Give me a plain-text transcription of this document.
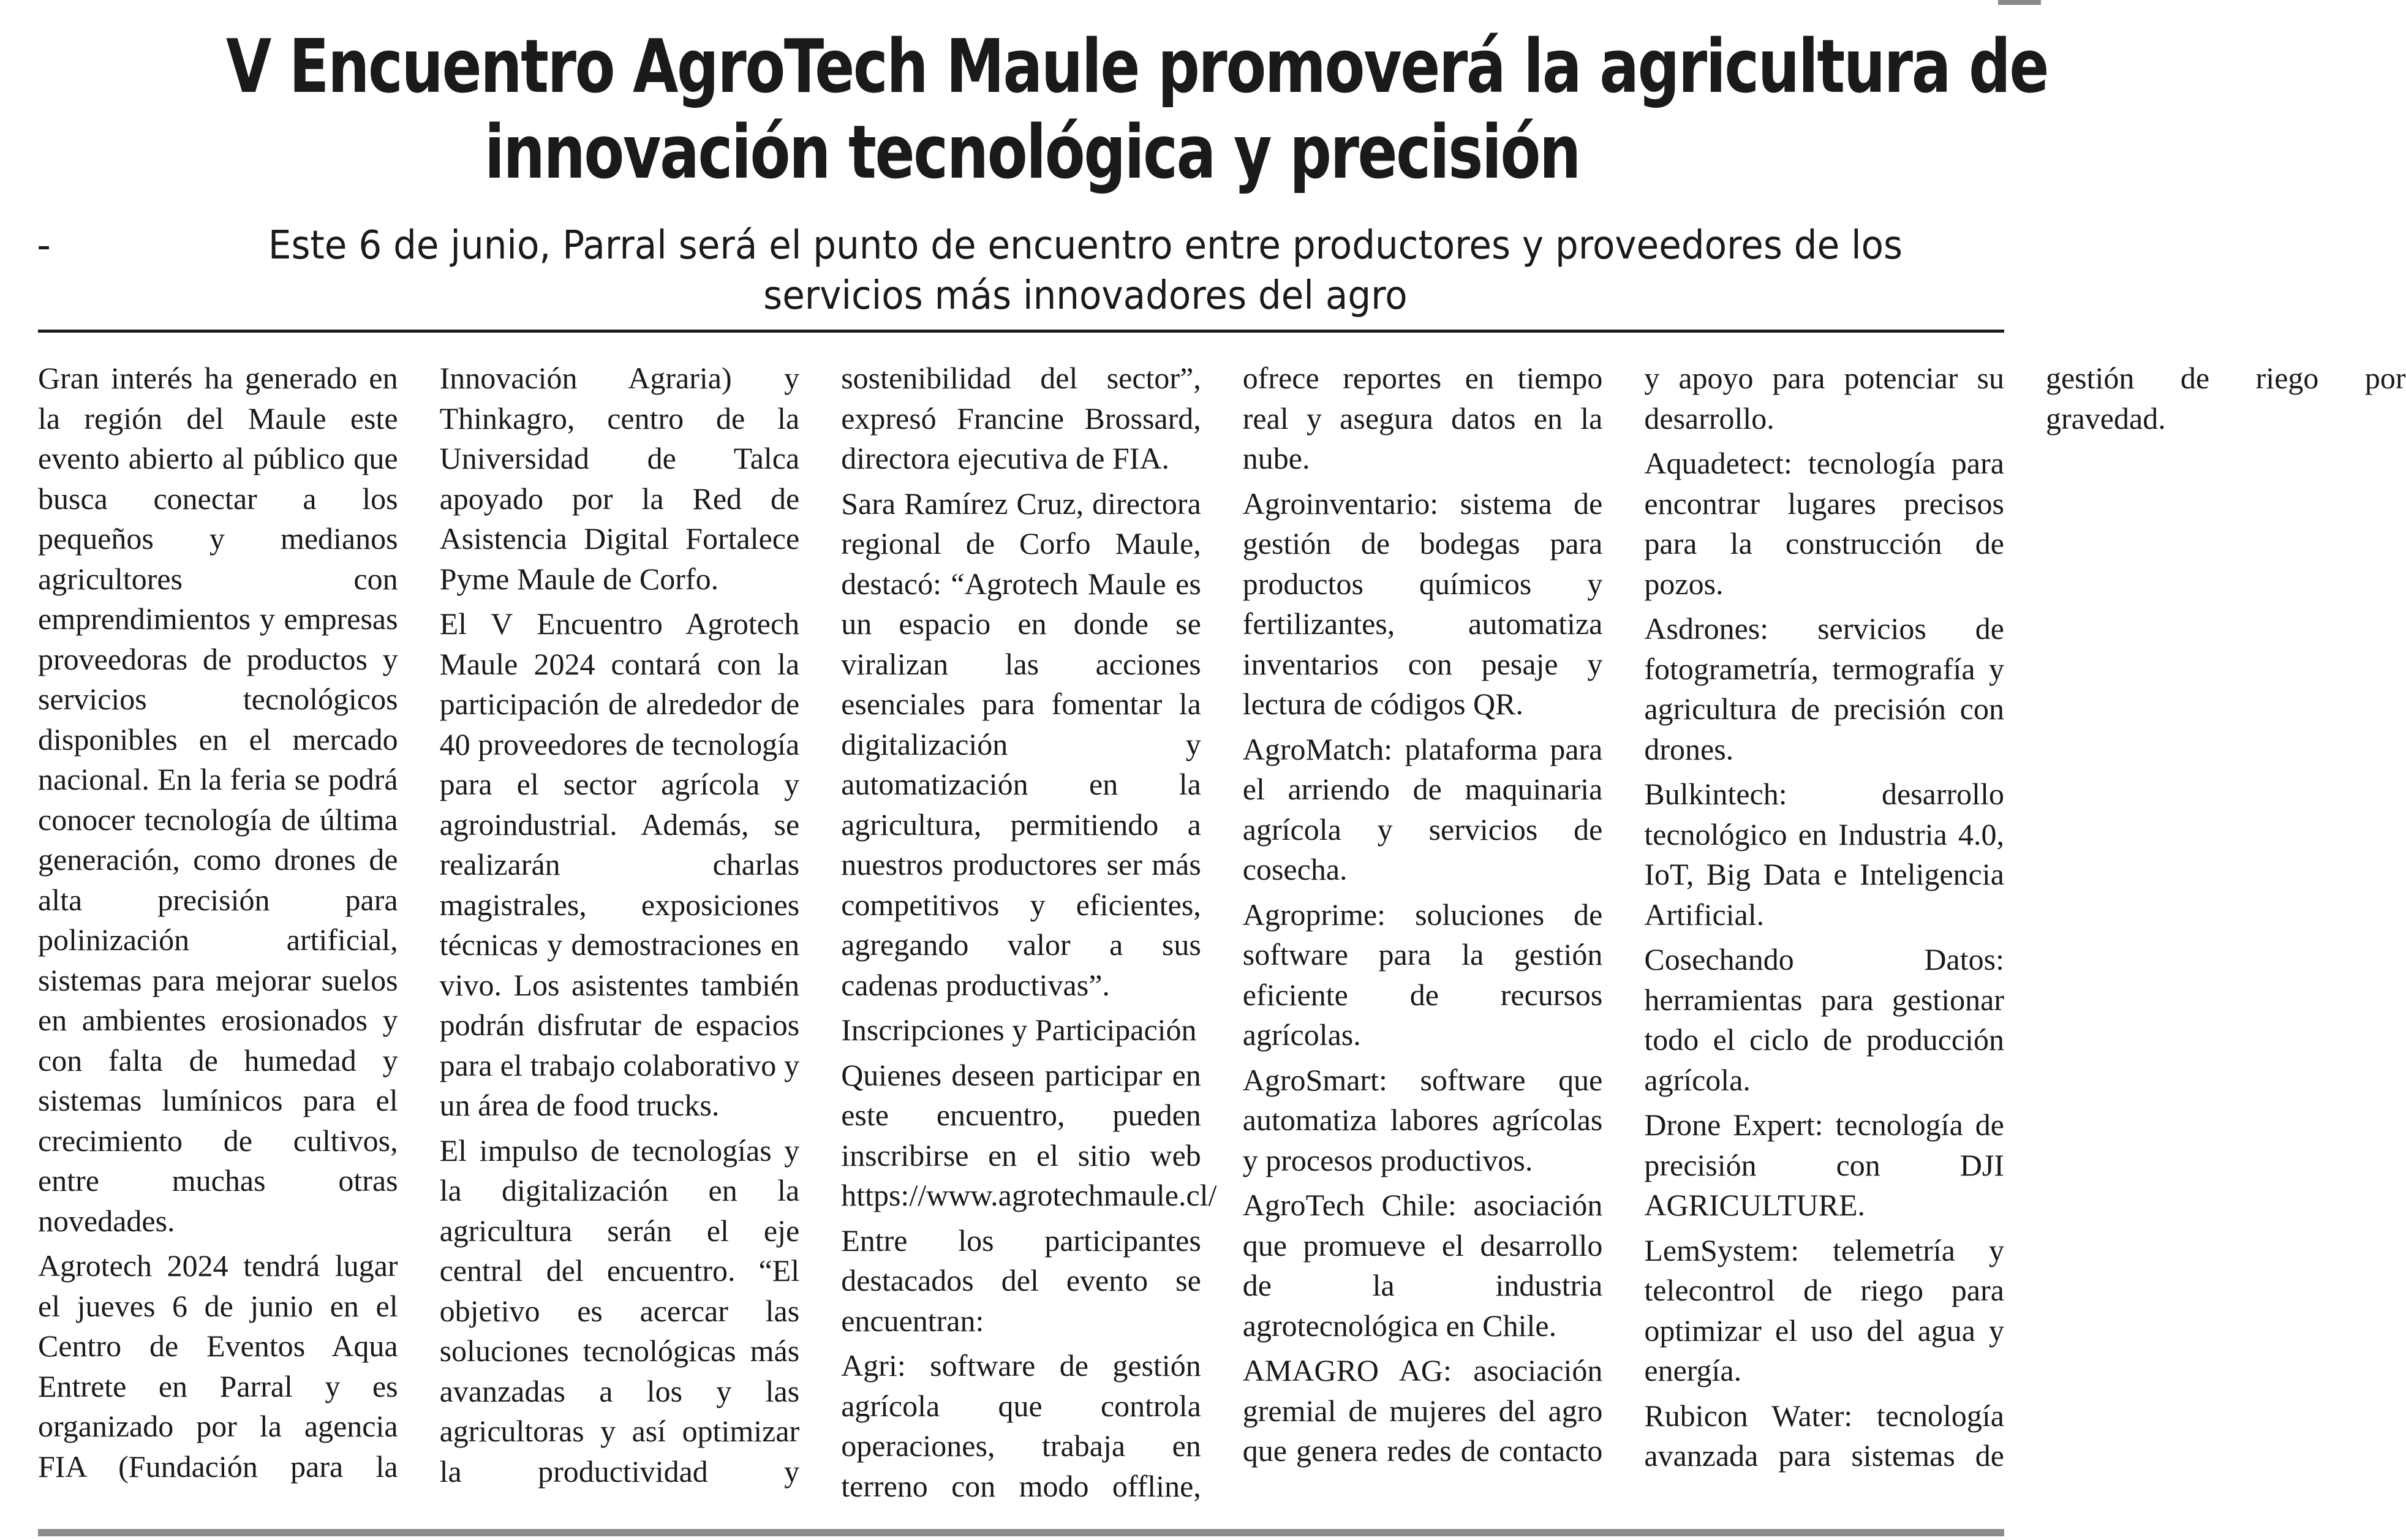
V Encuentro AgroTech Maule promoverá la agricultura de
innovación tecnológica y precisión
-	Este 6 de junio, Parral será el punto de encuentro entre productores y proveedores de los servicios más innovadores del agro

Gran interés ha generado en la región del Maule este evento abierto al público que busca conectar a los pequeños y medianos agricultores con emprendimientos y empresas proveedoras de productos y servicios tecnológicos disponibles en el mercado nacional. En la feria se podrá conocer tecnología de última generación, como drones de alta precisión para polinización artificial, sistemas para mejorar suelos en ambientes erosionados y con falta de humedad y sistemas lumínicos para el crecimiento de cultivos, entre muchas otras novedades.

Agrotech 2024 tendrá lugar el jueves 6 de junio en el Centro de Eventos Aqua Entrete en Parral y es organizado por la agencia FIA (Fundación para la Innovación Agraria) y Thinkagro, centro de la Universidad de Talca apoyado por la Red de Asistencia Digital Fortalece Pyme Maule de Corfo.

El V Encuentro Agrotech Maule 2024 contará con la participación de alrededor de 40 proveedores de tecnología para el sector agrícola y agroindustrial. Además, se realizarán charlas magistrales, exposiciones técnicas y demostraciones en vivo. Los asistentes también podrán disfrutar de espacios para el trabajo colaborativo y un área de food trucks.

El impulso de tecnologías y la digitalización en la agricultura serán el eje central del encuentro. “El objetivo es acercar las soluciones tecnológicas más avanzadas a los y las agricultoras y así optimizar la productividad y sostenibilidad del sector”, expresó Francine Brossard, directora ejecutiva de FIA.

Sara Ramírez Cruz, directora regional de Corfo Maule, destacó: “Agrotech Maule es un espacio en donde se viralizan las acciones esenciales para fomentar la digitalización y automatización en la agricultura, permitiendo a nuestros productores ser más competitivos y eficientes, agregando valor a sus cadenas productivas”.

Inscripciones y Participación

Quienes deseen participar en este encuentro, pueden inscribirse en el sitio web https://www.agrotechmaule.cl/

Entre los participantes destacados del evento se encuentran:

Agri: software de gestión agrícola que controla operaciones, trabaja en terreno con modo offline, ofrece reportes en tiempo real y asegura datos en la nube.

Agroinventario: sistema de gestión de bodegas para productos químicos y fertilizantes, automatiza inventarios con pesaje y lectura de códigos QR.

AgroMatch: plataforma para el arriendo de maquinaria agrícola y servicios de cosecha.

Agroprime: soluciones de software para la gestión eficiente de recursos agrícolas.

AgroSmart: software que automatiza labores agrícolas y procesos productivos.

AgroTech Chile: asociación que promueve el desarrollo de la industria agrotecnológica en Chile.

AMAGRO AG: asociación gremial de mujeres del agro que genera redes de contacto y apoyo para potenciar su desarrollo.

Aquadetect: tecnología para encontrar lugares precisos para la construcción de pozos.

Asdrones: servicios de fotogrametría, termografía y agricultura de precisión con drones.

Bulkintech: desarrollo tecnológico en Industria 4.0, IoT, Big Data e Inteligencia Artificial.

Cosechando Datos: herramientas para gestionar todo el ciclo de producción agrícola.

Drone Expert: tecnología de precisión con DJI AGRICULTURE.

LemSystem: telemetría y telecontrol de riego para optimizar el uso del agua y energía.

Rubicon Water: tecnología avanzada para sistemas de gestión de riego por gravedad.
